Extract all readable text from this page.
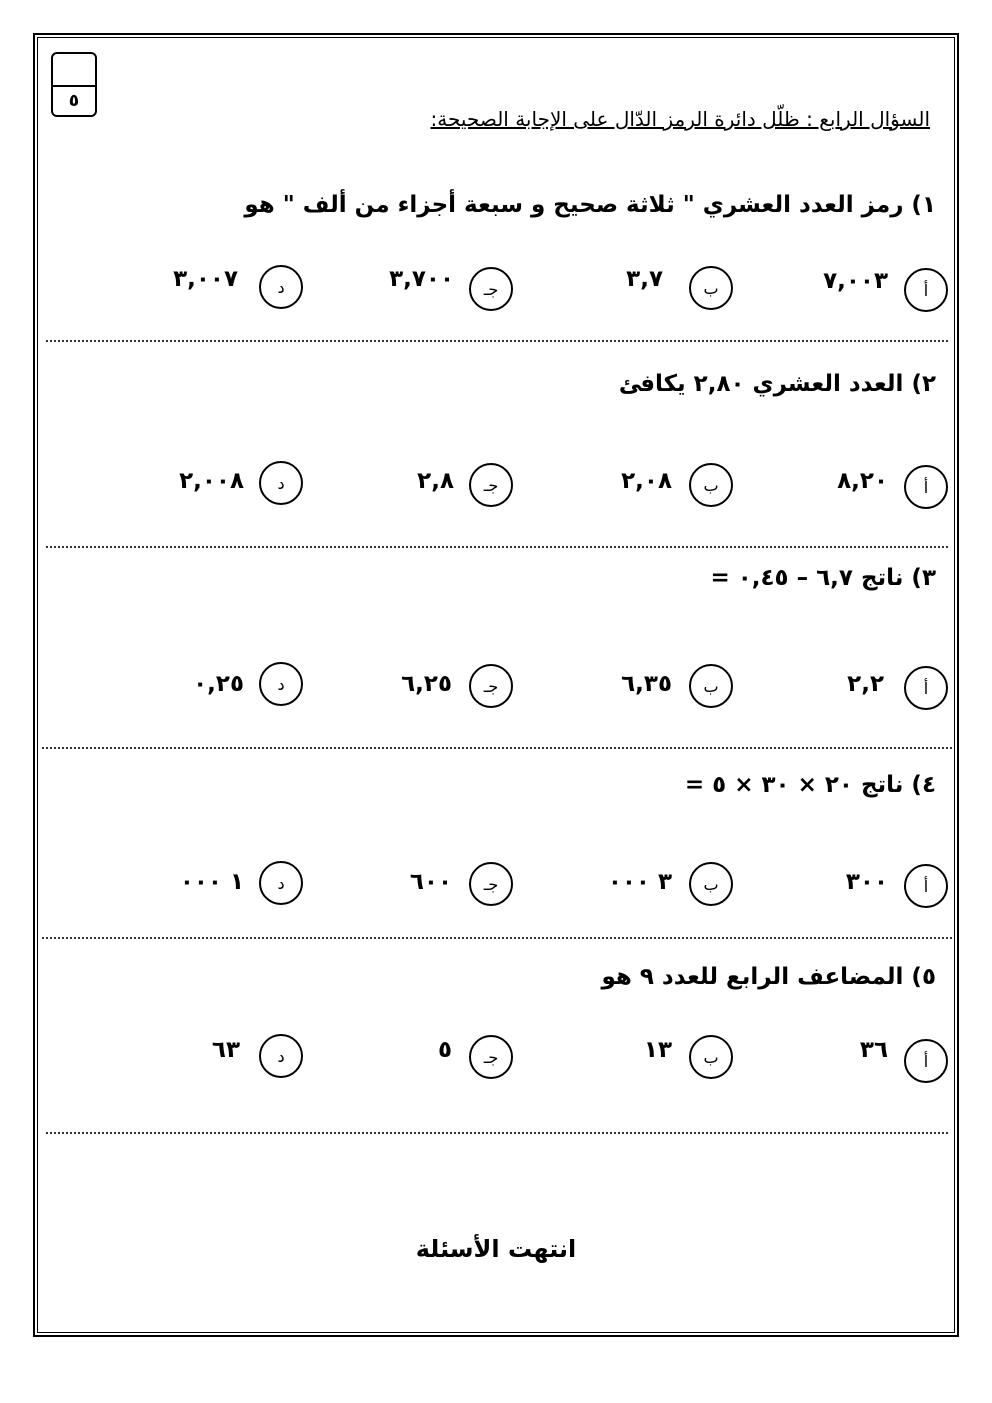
٥
السؤال الرابع : ظلّل دائرة الرمز الدّال على الإجابة الصحيحة:
١) رمز العدد العشري " ثلاثة صحيح و سبعة أجزاء من ألف " هو
أ
٧,٠٠٣
ب
٣,٧
جـ
٣,٧٠٠
د
٣,٠٠٧
٢) العدد العشري ٢,٨٠ يكافئ
أ
٨,٢٠
ب
٢,٠٨
جـ
٢,٨
د
٢,٠٠٨
٣) ناتج ٦,٧ – ٠,٤٥ =
أ
٢,٢
ب
٦,٣٥
جـ
٦,٢٥
د
٠,٢٥
٤) ناتج ٢٠ × ٣٠ × ٥ =
أ
٣٠٠
ب
٣ ٠٠٠
جـ
٦٠٠
د
١ ٠٠٠
٥) المضاعف الرابع للعدد ٩ هو
أ
٣٦
ب
١٣
جـ
٥
د
٦٣
انتهت الأسئلة
